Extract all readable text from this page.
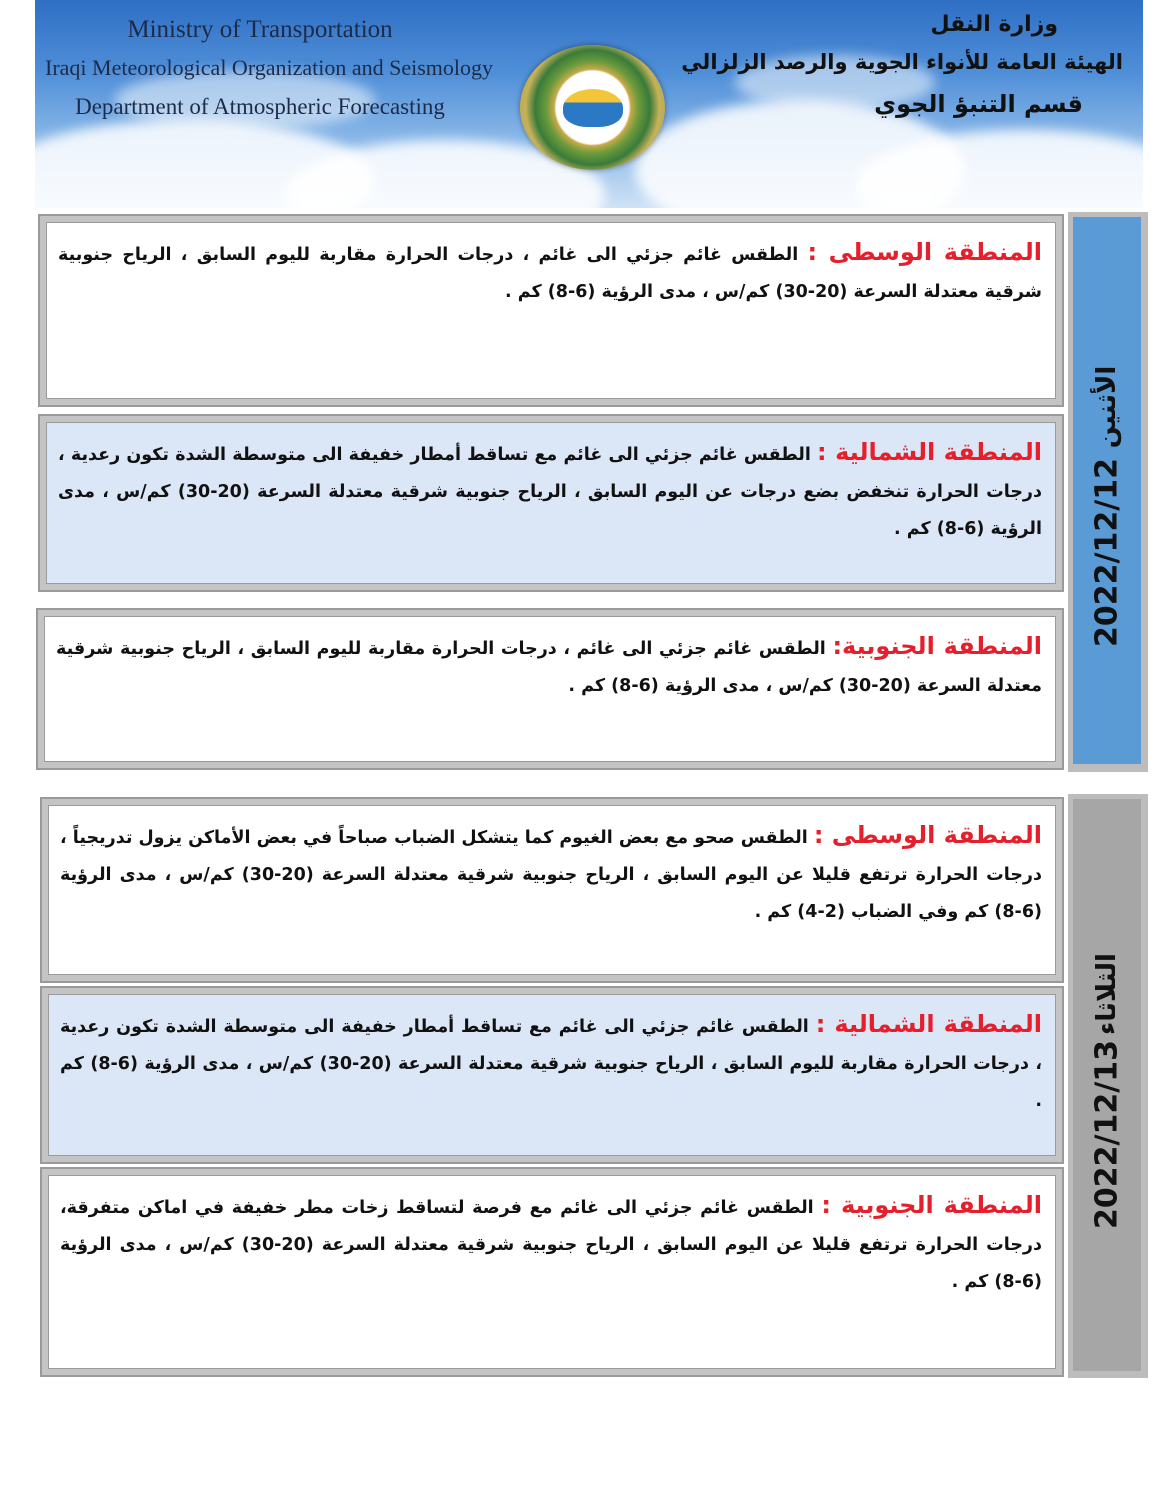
Ministry of Transportation
Iraqi Meteorological Organization and Seismology
Department of Atmospheric Forecasting
وزارة النقل
الهيئة العامة للأنواء الجوية والرصد الزلزالي
قسم التنبؤ الجوي
2022/12/12
الأثنين
المنطقة الوسطى : الطقس غائم جزئي الى غائم ، درجات الحرارة مقاربة لليوم السابق ، الرياح جنوبية شرقية معتدلة السرعة (20-30) كم/س ، مدى الرؤية (6-8) كم .
المنطقة الشمالية : الطقس غائم جزئي الى غائم مع تساقط أمطار خفيفة الى متوسطة الشدة تكون رعدية ، درجات الحرارة تنخفض بضع درجات عن اليوم السابق ، الرياح جنوبية شرقية معتدلة السرعة (20-30) كم/س ، مدى الرؤية (6-8) كم .
المنطقة الجنوبية: الطقس غائم جزئي الى غائم ، درجات الحرارة مقاربة لليوم السابق ، الرياح جنوبية شرقية معتدلة السرعة (20-30) كم/س ، مدى الرؤية (6-8) كم .
2022/12/13
الثلاثاء
المنطقة الوسطى : الطقس صحو مع بعض الغيوم كما يتشكل الضباب صباحاً في بعض الأماكن يزول تدريجياً ، درجات الحرارة ترتفع قليلا عن اليوم السابق ، الرياح جنوبية شرقية معتدلة السرعة (20-30) كم/س ، مدى الرؤية (6-8) كم وفي الضباب (2-4) كم .
المنطقة الشمالية : الطقس غائم جزئي الى غائم مع تساقط أمطار خفيفة الى متوسطة الشدة تكون رعدية ، درجات الحرارة مقاربة لليوم السابق ، الرياح جنوبية شرقية معتدلة السرعة (20-30) كم/س ، مدى الرؤية (6-8) كم .
المنطقة الجنوبية : الطقس غائم جزئي الى غائم مع فرصة لتساقط زخات مطر خفيفة في اماكن متفرقة، درجات الحرارة ترتفع قليلا عن اليوم السابق ، الرياح جنوبية شرقية معتدلة السرعة (20-30) كم/س ، مدى الرؤية (6-8) كم .
